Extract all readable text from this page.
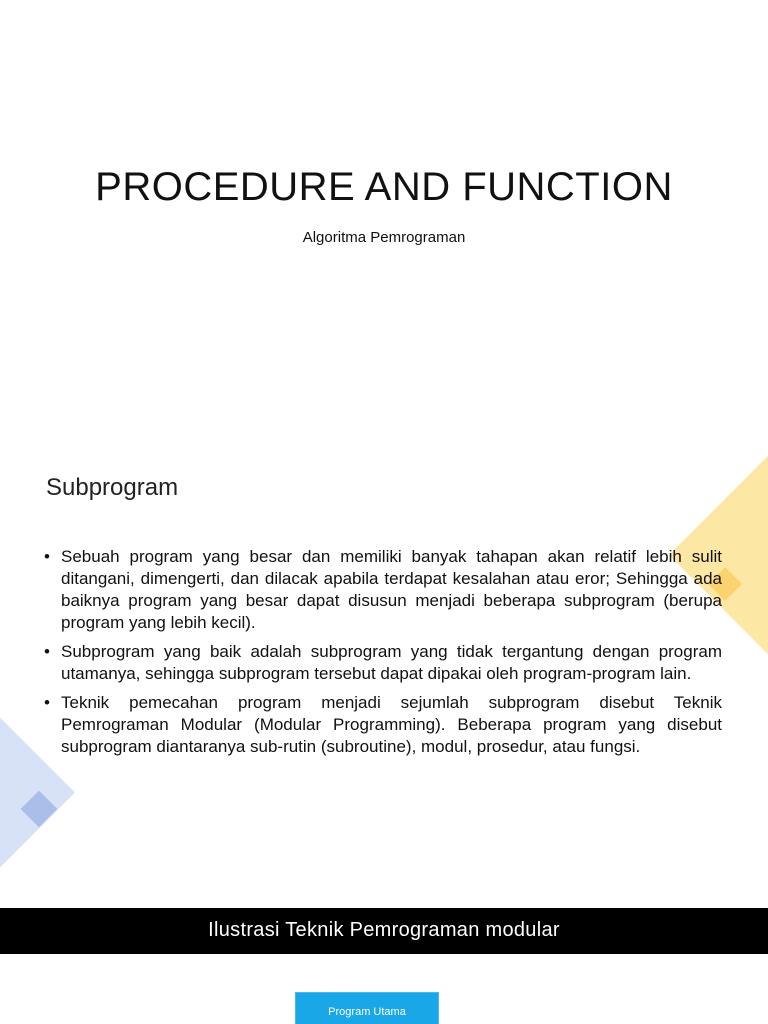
PROCEDURE AND FUNCTION

Algoritma Pemrograman

Subprogram
• Sebuah program yang besar dan memiliki banyak tahapan akan relatif lebih sulit ditangani, dimengerti, dan dilacak apabila terdapat kesalahan atau eror; Sehingga ada baiknya program yang besar dapat disusun menjadi beberapa subprogram (berupa program yang lebih kecil).
• Subprogram yang baik adalah subprogram yang tidak tergantung dengan program utamanya, sehingga subprogram tersebut dapat dipakai oleh program-program lain.
• Teknik pemecahan program menjadi sejumlah subprogram disebut Teknik Pemrograman Modular (Modular Programming). Beberapa program yang disebut subprogram diantaranya sub-rutin (subroutine), modul, prosedur, atau fungsi.
Ilustrasi Teknik Pemrograman modular
Program Utama
